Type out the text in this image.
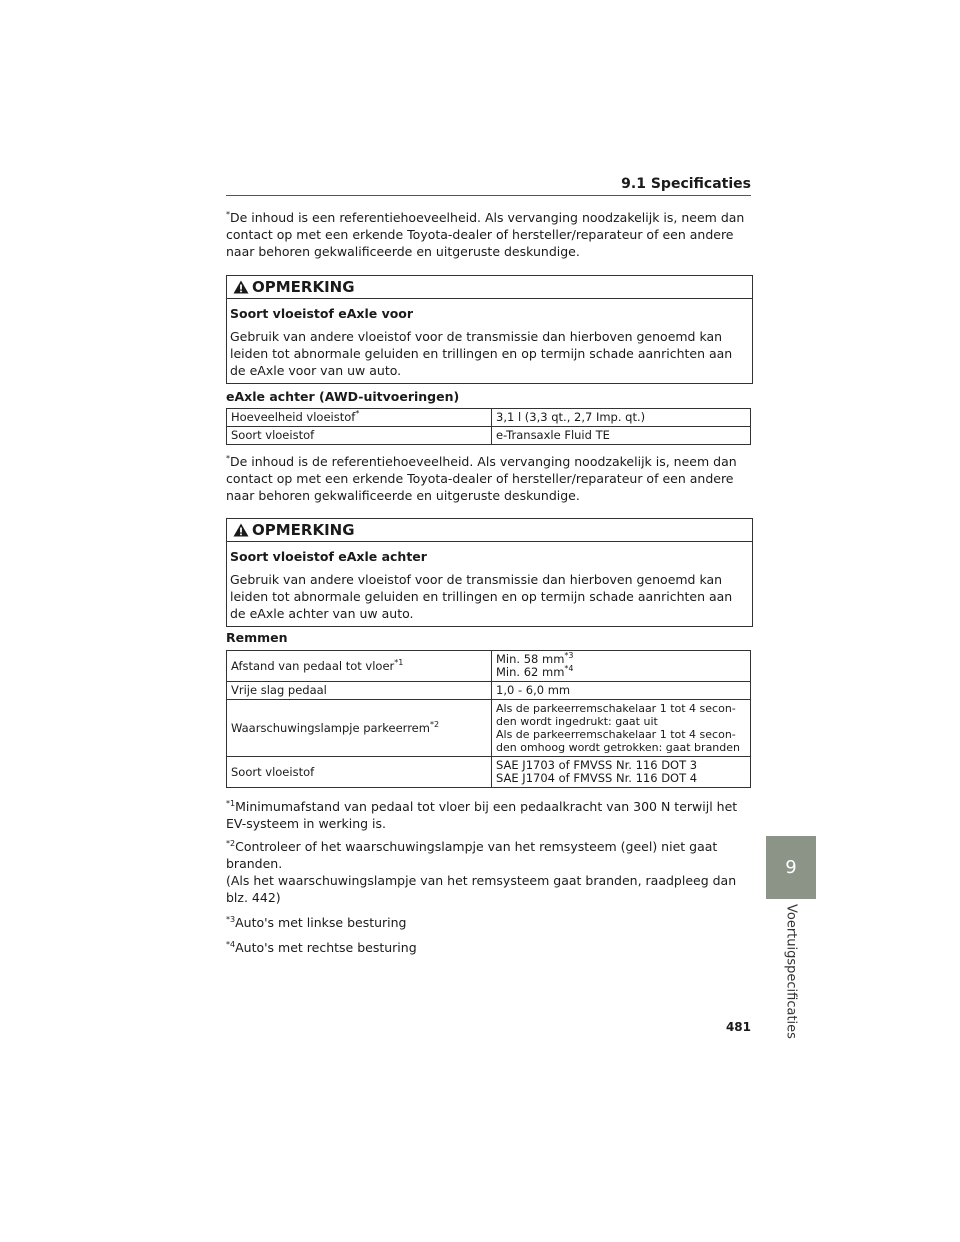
9.1 Specificaties

*De inhoud is een referentiehoeveelheid. Als vervanging noodzakelijk is, neem dan contact op met een erkende Toyota-dealer of hersteller/reparateur of een andere naar behoren gekwalificeerde en uitgeruste deskundige.

OPMERKING
Soort vloeistof eAxle voor

Gebruik van andere vloeistof voor de transmissie dan hierboven genoemd kan leiden tot abnormale geluiden en trillingen en op termijn schade aanrichten aan de eAxle voor van uw auto.

eAxle achter (AWD-uitvoeringen)
Hoeveelheid vloeistof*	3,1 l (3,3 qt., 2,7 Imp. qt.)
Soort vloeistof	e-Transaxle Fluid TE

*De inhoud is de referentiehoeveelheid. Als vervanging noodzakelijk is, neem dan contact op met een erkende Toyota-dealer of hersteller/reparateur of een andere naar behoren gekwalificeerde en uitgeruste deskundige.

OPMERKING
Soort vloeistof eAxle achter

Gebruik van andere vloeistof voor de transmissie dan hierboven genoemd kan leiden tot abnormale geluiden en trillingen en op termijn schade aanrichten aan de eAxle achter van uw auto.

Remmen
Afstand van pedaal tot vloer$^{*1}$	Min. 58 $mm^{*3}$
Min. 62 $mm^{*4}$
Vrije slag pedaal	1,0 - 6,0 mm
Waarschuwingslampje parkeerrem$^{*2}$	Als de parkeerremschakelaar 1 tot 4 secon-
den wordt ingedrukt: gaat uit
Als de parkeerremschakelaar 1 tot 4 secon-
den omhoog wordt getrokken: gaat branden
Soort vloeistof	SAE J1703 of FMVSS Nr. 116 DOT 3
SAE J1704 of FMVSS Nr. 116 DOT 4

$^{*1}$Minimumafstand van pedaal tot vloer bij een pedaalkracht van 300 N terwijl het
EV-systeem in werking is.

$^{*2}$Controleer of het waarschuwingslampje van het remsysteem (geel) niet gaat branden.
(Als het waarschuwingslampje van het remsysteem gaat branden, raadpleeg dan blz. 442)

$^{*3}$Auto's met linkse besturing

$^{*4}$Auto's met rechtse besturing

9
Voertuigspecificaties
481
